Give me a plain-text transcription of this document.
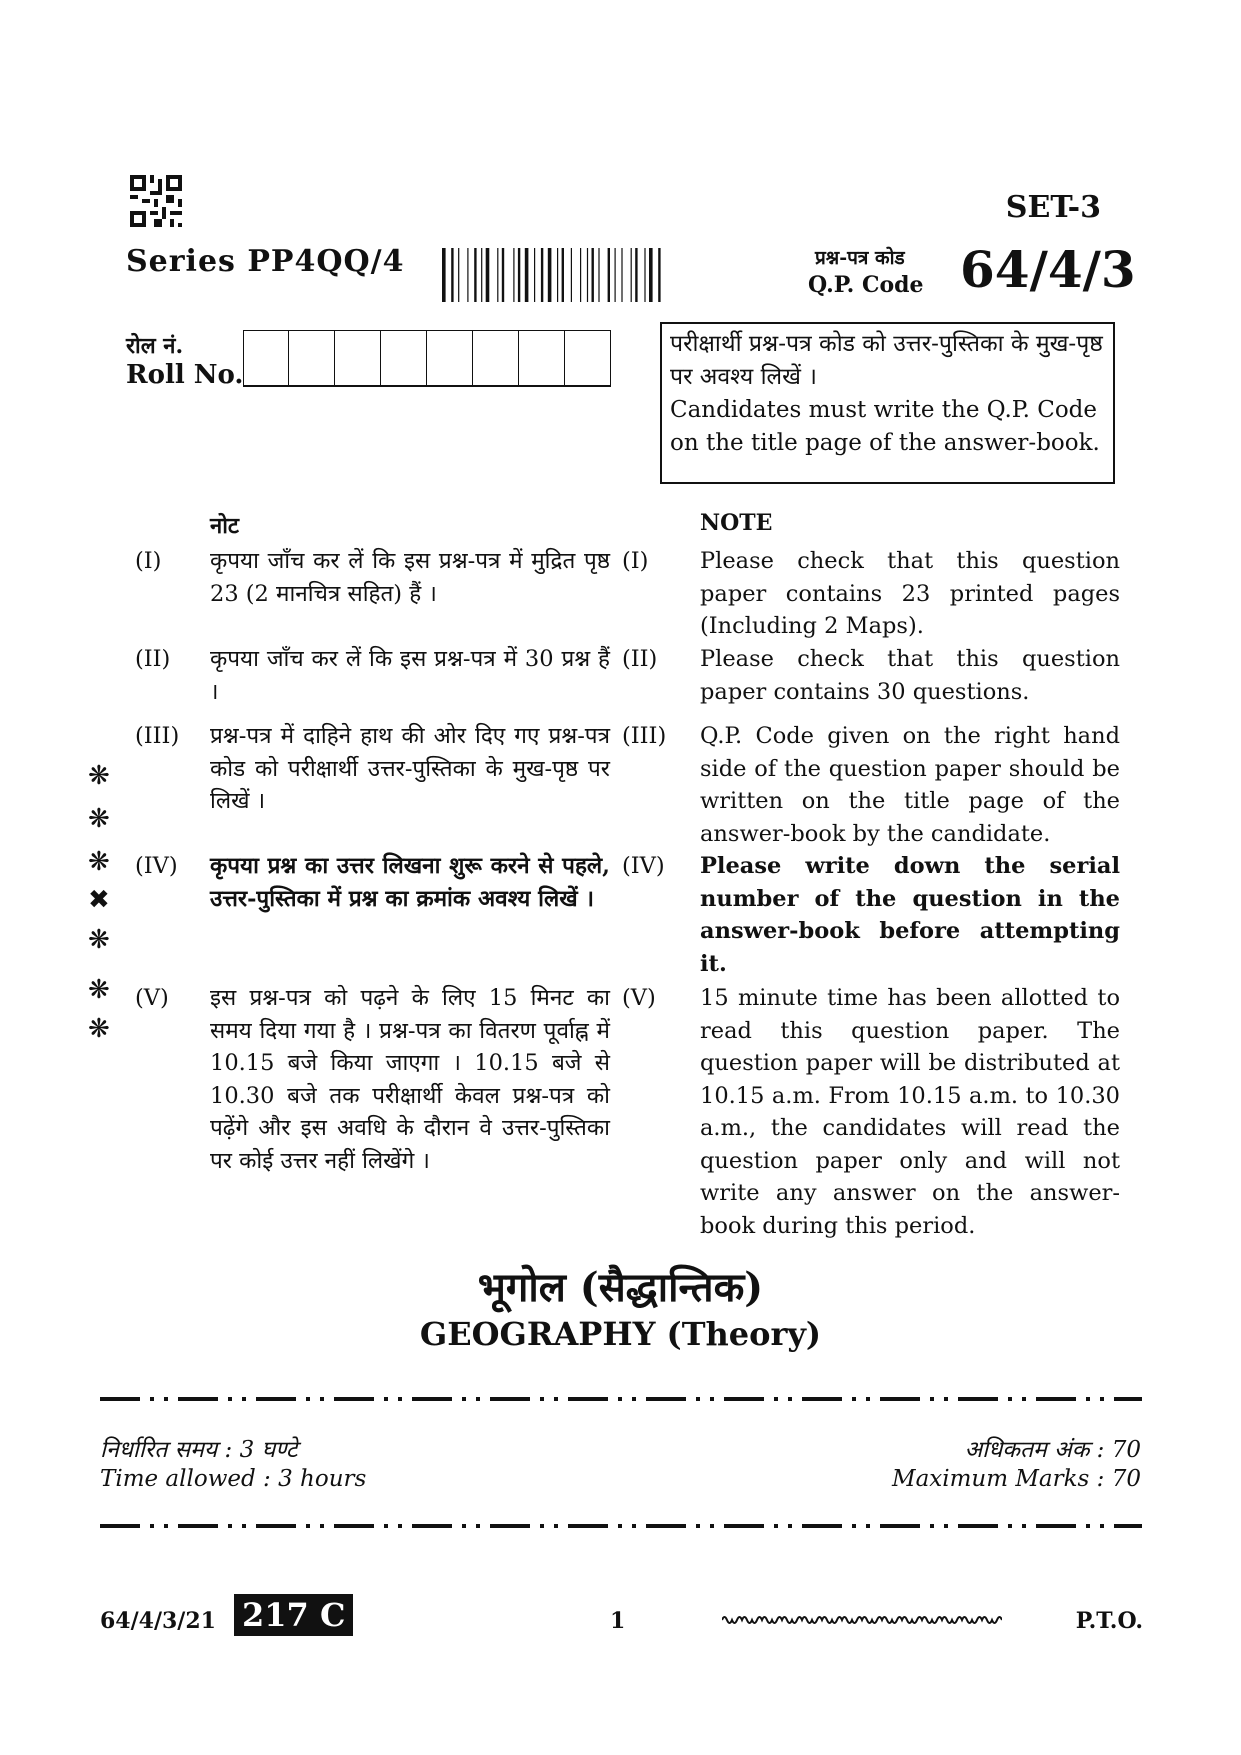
SET-3
Series PP4QQ/4	प्रश्न-पत्र कोड
Q.P. Code 64/4/3
रोल नं.
Roll No.
परीक्षार्थी प्रश्न-पत्र कोड को उत्तर-पुस्तिका के मुख-पृष्ठ पर अवश्य लिखें ।
Candidates must write the Q.P. Code on the title page of the answer-book.
नोट	NOTE
(I) कृपया जाँच कर लें कि इस प्रश्न-पत्र में मुद्रित पृष्ठ 23 (2 मानचित्र सहित) हैं ।
(I) Please check that this question paper contains 23 printed pages (Including 2 Maps).
(II) कृपया जाँच कर लें कि इस प्रश्न-पत्र में 30 प्रश्न हैं ।
(II) Please check that this question paper contains 30 questions.
(III) प्रश्न-पत्र में दाहिने हाथ की ओर दिए गए प्रश्न-पत्र कोड को परीक्षार्थी उत्तर-पुस्तिका के मुख-पृष्ठ पर लिखें ।
(III) Q.P. Code given on the right hand side of the question paper should be written on the title page of the answer-book by the candidate.
(IV) कृपया प्रश्न का उत्तर लिखना शुरू करने से पहले, उत्तर-पुस्तिका में प्रश्न का क्रमांक अवश्य लिखें ।
(IV) Please write down the serial number of the question in the answer-book before attempting it.
(V) इस प्रश्न-पत्र को पढ़ने के लिए 15 मिनट का समय दिया गया है । प्रश्न-पत्र का वितरण पूर्वाह्न में 10.15 बजे किया जाएगा । 10.15 बजे से 10.30 बजे तक परीक्षार्थी केवल प्रश्न-पत्र को पढ़ेंगे और इस अवधि के दौरान वे उत्तर-पुस्तिका पर कोई उत्तर नहीं लिखेंगे ।
(V) 15 minute time has been allotted to read this question paper. The question paper will be distributed at 10.15 a.m. From 10.15 a.m. to 10.30 a.m., the candidates will read the question paper only and will not write any answer on the answer-book during this period.
❋
❋
❋
✖
❋
❋
❋
भूगोल (सैद्धान्तिक)
GEOGRAPHY (Theory)
निर्धारित समय : 3 घण्टे
Time allowed : 3 hours
अधिकतम अंक : 70
Maximum Marks : 70
64/4/3/21 217 C	1	P.T.O.
